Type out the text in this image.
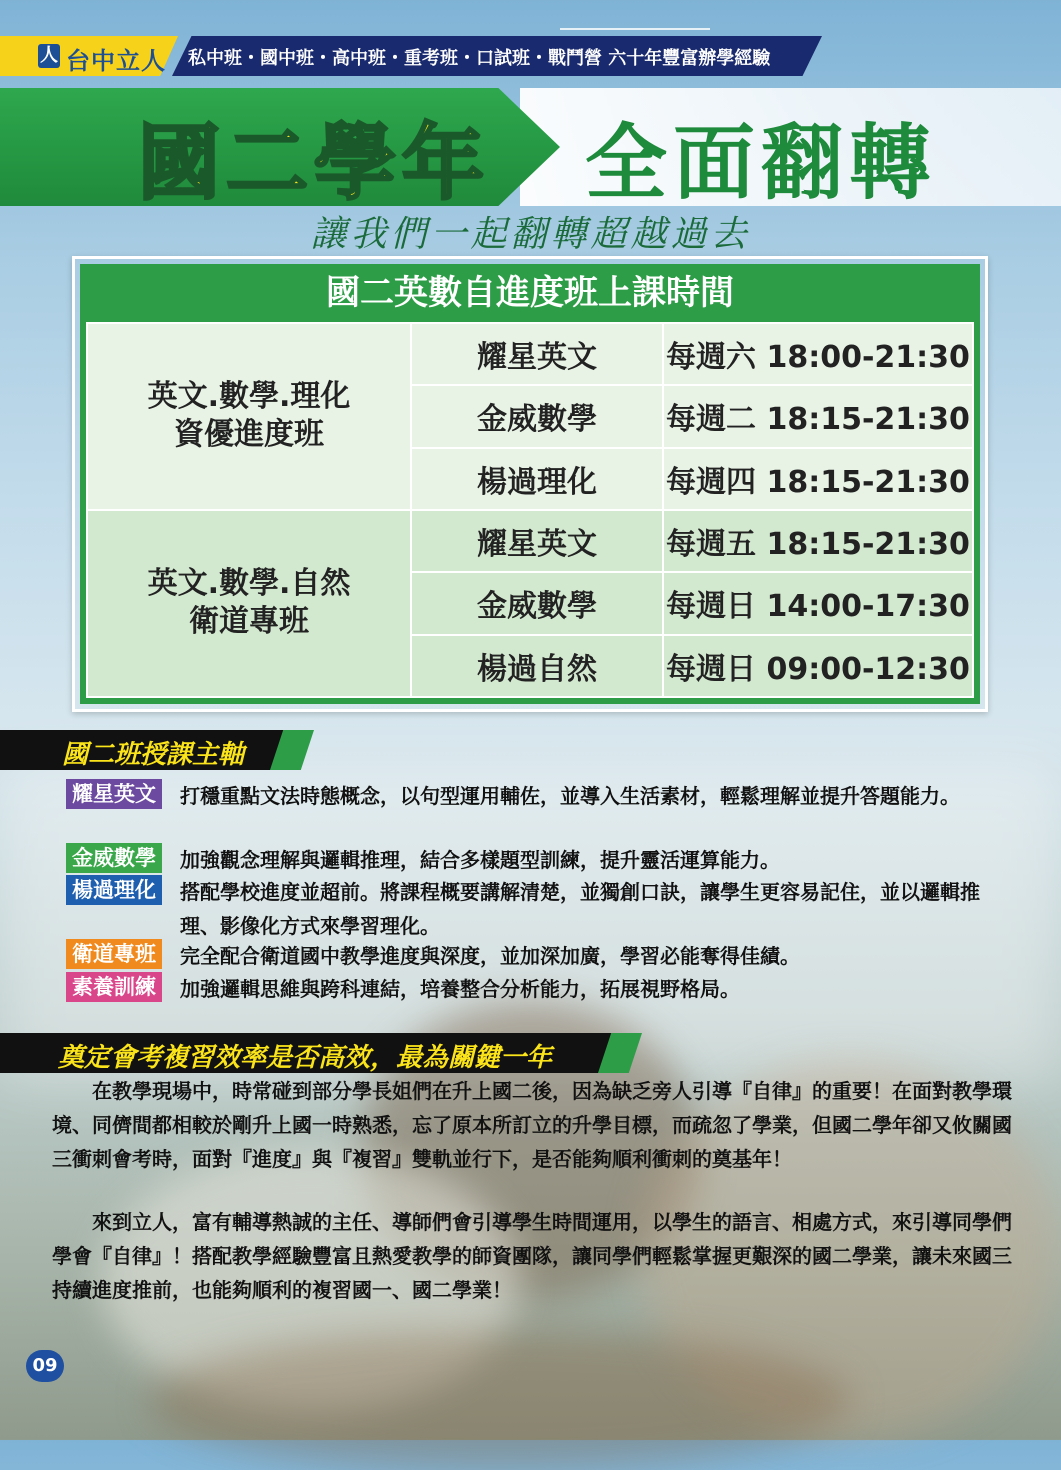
人 台中立人 私中班・國中班・高中班・重考班・口試班・戰鬥營 六十年豐富辦學經驗
國二學年 全面翻轉
讓我們一起翻轉超越過去
國二英數自進度班上課時間
英文.數學.理化
資優進度班	耀星英文	每週六 18:00-21:30
	金威數學	每週二 18:15-21:30
	楊過理化	每週四 18:15-21:30

英文.數學.自然
衛道專班	耀星英文	每週五 18:15-21:30
	金威數學	每週日 14:00-17:30
	楊過自然	每週日 09:00-12:30
國二班授課主軸
耀星英文	打穩重點文法時態概念，以句型運用輔佐，並導入生活素材，輕鬆理解並提升答題能力。
金威數學	加強觀念理解與邏輯推理，結合多樣題型訓練，提升靈活運算能力。
楊過理化	搭配學校進度並超前。將課程概要講解清楚，並獨創口訣，讓學生更容易記住，並以邏輯推理、影像化方式來學習理化。
衛道專班	完全配合衛道國中教學進度與深度，並加深加廣，學習必能奪得佳績。
素養訓練	加強邏輯思維與跨科連結，培養整合分析能力，拓展視野格局。
奠定會考複習效率是否高效，最為關鍵一年
在教學現場中，時常碰到部分學長姐們在升上國二後，因為缺乏旁人引導『自律』的重要！在面對教學環境、同儕間都相較於剛升上國一時熟悉，忘了原本所訂立的升學目標，而疏忽了學業，但國二學年卻又攸關國三衝刺會考時，面對『進度』與『複習』雙軌並行下，是否能夠順利衝刺的奠基年！
來到立人，富有輔導熱誠的主任、導師們會引導學生時間運用，以學生的語言、相處方式，來引導同學們學會『自律』！搭配教學經驗豐富且熱愛教學的師資團隊，讓同學們輕鬆掌握更艱深的國二學業，讓未來國三持續進度推前，也能夠順利的複習國一、國二學業！
09
